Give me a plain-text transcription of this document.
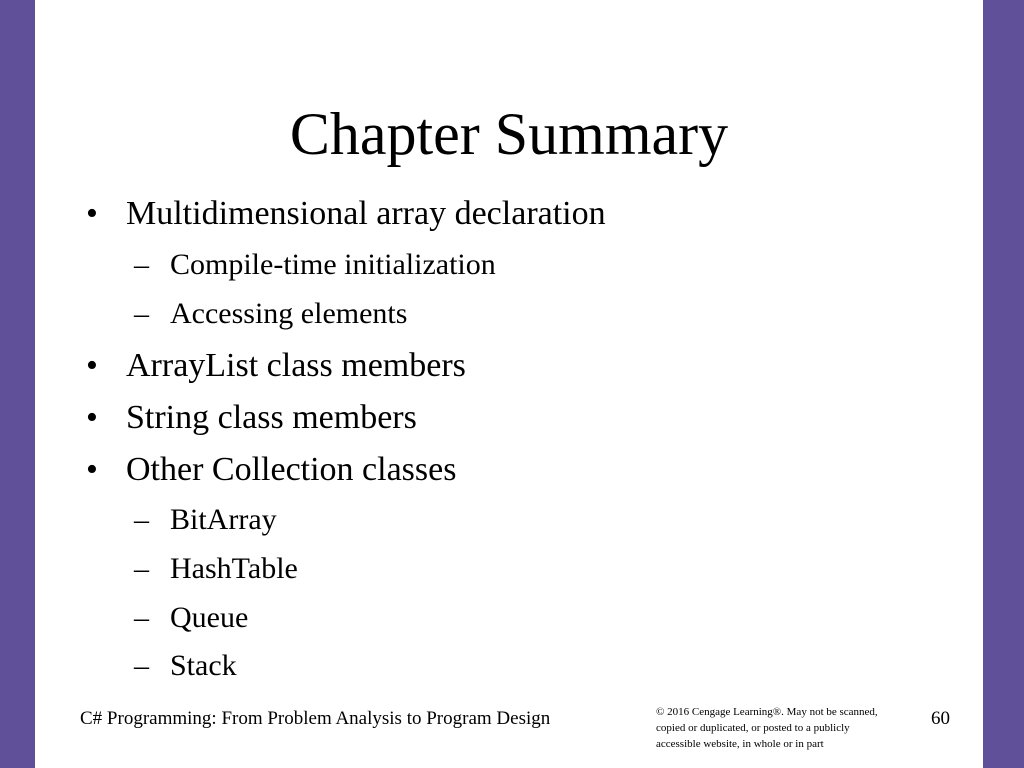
Chapter Summary
• Multidimensional array declaration
– Compile-time initialization
– Accessing elements
• ArrayList class members
• String class members
• Other Collection classes
– BitArray
– HashTable
– Queue
– Stack
C# Programming: From Problem Analysis to Program Design	© 2016 Cengage Learning®. May not be scanned,
copied or duplicated, or posted to a publicly
accessible website, in whole or in part
60
